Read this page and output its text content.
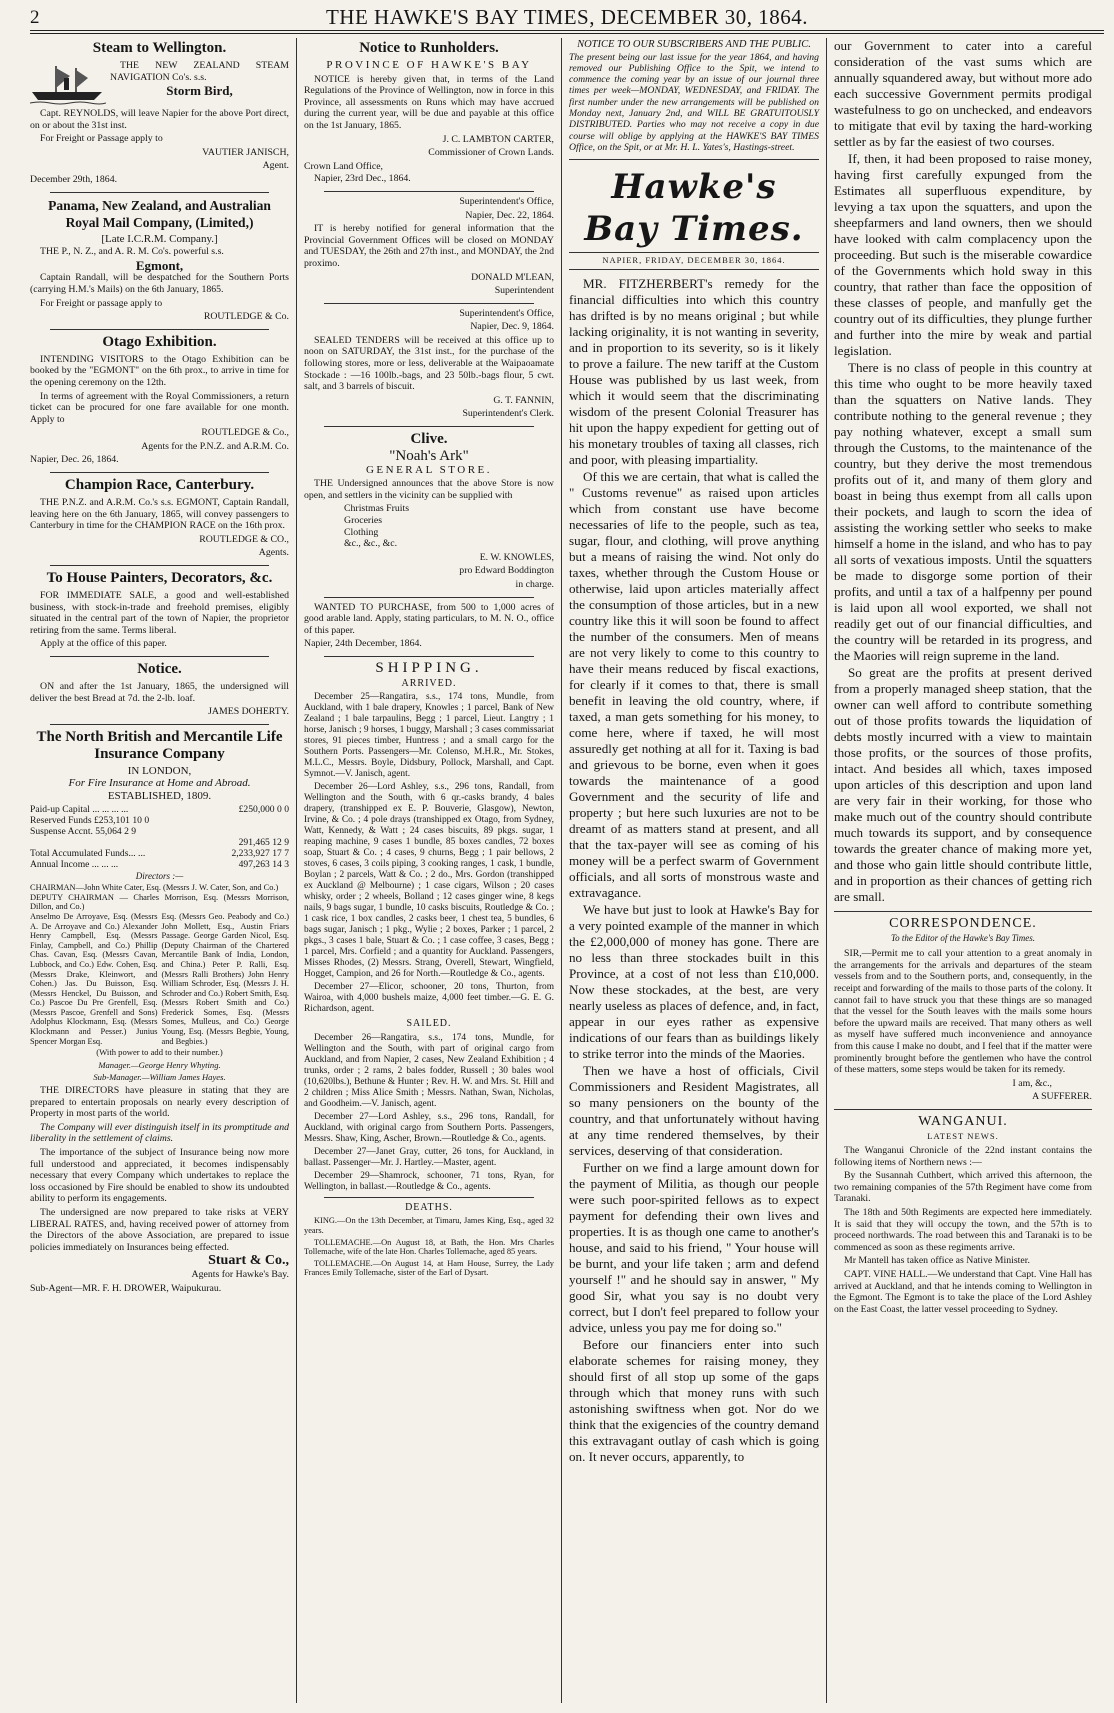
2	THE HAWKE'S BAY TIMES, DECEMBER 30, 1864.
Steam to Wellington.

THE NEW ZEALAND STEAM NAVIGATION Co's. s.s.

Storm Bird,

Capt. REYNOLDS, will leave Napier for the above Port direct, on or about the 31st inst.

For Freight or Passage apply to

VAUTIER JANISCH,
Agent.
December 29th, 1864.
Panama, New Zealand, and Australian Royal Mail Company, (Limited,)
[Late I.C.R.M. Company.]

THE P., N. Z., and A. R. M. Co's. powerful s.s.

Egmont,

Captain Randall, will be despatched for the Southern Ports (carrying H.M.'s Mails) on the 6th January, 1865.

For Freight or passage apply to

ROUTLEDGE & Co.
Otago Exhibition.

INTENDING VISITORS to the Otago Exhibition can be booked by the "EGMONT" on the 6th prox., to arrive in time for the opening ceremony on the 12th.

In terms of agreement with the Royal Commissioners, a return ticket can be procured for one fare available for one month. Apply to

ROUTLEDGE & Co.,
Agents for the P.N.Z. and A.R.M. Co.
Napier, Dec. 26, 1864.
Champion Race, Canterbury.

THE P.N.Z. and A.R.M. Co.'s s.s. EGMONT, Captain Randall, leaving here on the 6th January, 1865, will convey passengers to Canterbury in time for the CHAMPION RACE on the 16th prox.

ROUTLEDGE & CO.,
Agents.
To House Painters, Decorators, &c.

FOR IMMEDIATE SALE, a good and well-established business, with stock-in-trade and freehold premises, eligibly situated in the central part of the town of Napier, the proprietor retiring from the same. Terms liberal.

Apply at the office of this paper.

Notice.

ON and after the 1st January, 1865, the undersigned will deliver the best Bread at 7d. the 2-lb. loaf.

JAMES DOHERTY.
The North British and Mercantile Life Insurance Company
IN LONDON,
For Fire Insurance at Home and Abroad.
ESTABLISHED, 1809.
Paid-up Capital ... ... ... ...	£250,000 0 0
Reserved Funds £253,101 10 0	
Suspense Accnt. 55,064 2 9	
	291,465 12 9
Total Accumulated Funds... ...	2,233,927 17 7
Annual Income ... ... ...	497,263 14 3
Directors :—
CHAIRMAN—John White Cater, Esq. (Messrs J. W. Cater, Son, and Co.)
DEPUTY CHAIRMAN — Charles Morrison, Esq. (Messrs Morrison, Dillon, and Co.)
Anselmo De Arroyave, Esq. (Messrs A. De Arroyave and Co.) Alexander Henry Campbell, Esq. (Messrs Finlay, Campbell, and Co.) Phillip Chas. Cavan, Esq. (Messrs Cavan, Lubbock, and Co.) Edw. Cohen, Esq. (Messrs Drake, Kleinwort, and Cohen.) Jas. Du Buisson, Esq. (Messrs Henckel, Du Buisson, and Co.) Pascoe Du Pre Grenfell, Esq. (Messrs Pascoe, Grenfell and Sons) Adolphus Klockmann, Esq. (Messrs Klockmann and Pesser.) Junius Spencer Morgan Esq.
Esq. (Messrs Geo. Peabody and Co.) John Mollett, Esq., Austin Friars Passage. George Garden Nicol, Esq. (Deputy Chairman of the Chartered Mercantile Bank of India, London, and China.) Peter P. Ralli, Esq. (Messrs Ralli Brothers) John Henry William Schroder, Esq. (Messrs J. H. Schroder and Co.) Robert Smith, Esq. (Messrs Robert Smith and Co.) Frederick Somes, Esq. (Messrs Somes, Mulleus, and Co.) George Young, Esq. (Messrs Begbie, Young, and Begbies.)
(With power to add to their number.)
Manager.—George Henry Whyting.
Sub-Manager.—William James Hayes.

THE DIRECTORS have pleasure in stating that they are prepared to entertain proposals on nearly every description of Property in most parts of the world.

The Company will ever distinguish itself in its promptitude and liberality in the settlement of claims.

The importance of the subject of Insurance being now more full understood and appreciated, it becomes indispensably necessary that every Company which undertakes to replace the loss occasioned by Fire should be enabled to show its undoubted ability to perform its engagements.

The undersigned are now prepared to take risks at VERY LIBERAL RATES, and, having received power of attorney from the Directors of the above Association, are prepared to issue policies immediately on Insurances being effected.

Stuart & Co.,
Agents for Hawke's Bay.
Sub-Agent—MR. F. H. DROWER, Waipukurau.
Notice to Runholders.
PROVINCE OF HAWKE'S BAY

NOTICE is hereby given that, in terms of the Land Regulations of the Province of Wellington, now in force in this Province, all assessments on Runs which may have accrued during the current year, will be due and payable at this office on the 1st January, 1865.

J. C. LAMBTON CARTER,
Commissioner of Crown Lands.
Crown Land Office,
Napier, 23rd Dec., 1864.
Superintendent's Office,
Napier, Dec. 22, 1864.

IT is hereby notified for general information that the Provincial Government Offices will be closed on MONDAY and TUESDAY, the 26th and 27th inst., and MONDAY, the 2nd proximo.

DONALD M'LEAN,
Superintendent
Superintendent's Office,
Napier, Dec. 9, 1864.

SEALED TENDERS will be received at this office up to noon on SATURDAY, the 31st inst., for the purchase of the following stores, more or less, deliverable at the Waipaoamate Stockade : —16 100lb.-bags, and 23 50lb.-bags flour, 5 cwt. salt, and 3 barrels of biscuit.

G. T. FANNIN,
Superintendent's Clerk.
Clive.
"Noah's Ark"
GENERAL STORE.

THE Undersigned announces that the above Store is now open, and settlers in the vicinity can be supplied with

Christmas Fruits
Groceries
Clothing
&c., &c., &c.
E. W. KNOWLES,
pro Edward Boddington
in charge.

WANTED TO PURCHASE, from 500 to 1,000 acres of good arable land. Apply, stating particulars, to M. N. O., office of this paper.

Napier, 24th December, 1864.
SHIPPING.
ARRIVED.

December 25—Rangatira, s.s., 174 tons, Mundle, from Auckland, with 1 bale drapery, Knowles ; 1 parcel, Bank of New Zealand ; 1 bale tarpaulins, Begg ; 1 parcel, Lieut. Langtry ; 1 horse, Janisch ; 9 horses, 1 buggy, Marshall ; 3 cases commissariat stores, 91 pieces timber, Huntress ; and a small cargo for the Southern Ports. Passengers—Mr. Colenso, M.H.R., Mr. Stokes, M.L.C., Messrs. Boyle, Didsbury, Pollock, Marshall, and Capt. Symnot.—V. Janisch, agent.

December 26—Lord Ashley, s.s., 296 tons, Randall, from Wellington and the South, with 6 qr.-casks brandy, 4 bales drapery, (transhipped ex E. P. Bouverie, Glasgow), Newton, Irvine, & Co. ; 4 pole drays (transhipped ex Otago, from Sydney, Watt, Kennedy, & Watt ; 24 cases biscuits, 89 pkgs. sugar, 1 reaping machine, 9 cases 1 bundle, 85 boxes candles, 72 boxes soap, Stuart & Co. ; 4 cases, 9 churns, Begg ; 1 pair bellows, 2 stoves, 6 cases, 3 coils piping, 3 cooking ranges, 1 cask, 1 bundle, Boylan ; 2 parcels, Watt & Co. ; 2 do., Mrs. Gordon (transhipped ex Auckland @ Melbourne) ; 1 case cigars, Wilson ; 20 cases whisky, order ; 2 wheels, Bolland ; 12 cases ginger wine, 8 kegs nails, 9 bags sugar, 1 bundle, 10 casks biscuits, Routledge & Co. ; 1 cask rice, 1 box candles, 2 casks beer, 1 chest tea, 5 bundles, 6 bags sugar, Janisch ; 1 pkg., Wylie ; 2 boxes, Parker ; 1 parcel, 2 pkgs., 3 cases 1 bale, Stuart & Co. ; 1 case coffee, 3 cases, Begg ; 1 parcel, Mrs. Corfield ; and a quantity for Auckland. Passengers, Misses Rhodes, (2) Messrs. Strang, Overell, Stewart, Wingfield, Hogget, Campion, and 26 for North.—Routledge & Co., agents.

December 27—Elicor, schooner, 20 tons, Thurton, from Wairoa, with 4,000 bushels maize, 4,000 feet timber.—G. E. G. Richardson, agent.

SAILED.

December 26—Rangatira, s.s., 174 tons, Mundle, for Wellington and the South, with part of original cargo from Auckland, and from Napier, 2 cases, New Zealand Exhibition ; 4 trunks, order ; 2 rams, 2 bales fodder, Russell ; 30 bales wool (10,620lbs.), Bethune & Hunter ; Rev. H. W. and Mrs. St. Hill and 2 children ; Miss Alice Smith ; Messrs. Nathan, Swan, Nicholas, and Goodheim.—V. Janisch, agent.

December 27—Lord Ashley, s.s., 296 tons, Randall, for Auckland, with original cargo from Southern Ports. Passengers, Messrs. Shaw, King, Ascher, Brown.—Routledge & Co., agents.

December 27—Janet Gray, cutter, 26 tons, for Auckland, in ballast. Passenger—Mr. J. Hartley.—Master, agent.

December 29—Shamrock, schooner, 71 tons, Ryan, for Wellington, in ballast.—Routledge & Co., agents.

DEATHS.

KING.—On the 13th December, at Timaru, James King, Esq., aged 32 years.

TOLLEMACHE.—On August 18, at Bath, the Hon. Mrs Charles Tollemache, wife of the late Hon. Charles Tollemache, aged 85 years.

TOLLEMACHE.—On August 14, at Ham House, Surrey, the Lady Frances Emily Tollemache, sister of the Earl of Dysart.

NOTICE TO OUR SUBSCRIBERS AND THE PUBLIC.
The present being our last issue for the year 1864, and having removed our Publishing Office to the Spit, we intend to commence the coming year by an issue of our journal three times per week—MONDAY, WEDNESDAY, and FRIDAY. The first number under the new arrangements will be published on Monday next, January 2nd, and WILL BE GRATUITOUSLY DISTRIBUTED. Parties who may not receive a copy in due course will oblige by applying at the HAWKE'S BAY TIMES Office, on the Spit, or at Mr. H. L. Yates's, Hastings-street.
Hawke's Bay Times.
NAPIER, FRIDAY, DECEMBER 30, 1864.

MR. FITZHERBERT's remedy for the financial difficulties into which this country has drifted is by no means original ; but while lacking originality, it is not wanting in severity, and in proportion to its severity, so is it likely to prove a failure. The new tariff at the Custom House was published by us last week, from which it would seem that the discriminating wisdom of the present Colonial Treasurer has hit upon the happy expedient for getting out of his monetary troubles of taxing all classes, rich and poor, with pleasing impartiality.

Of this we are certain, that what is called the " Customs revenue" as raised upon articles which from constant use have become necessaries of life to the people, such as tea, sugar, flour, and clothing, will prove anything but a means of raising the wind. Not only do taxes, whether through the Custom House or otherwise, laid upon articles materially affect the consumption of those articles, but in a new country like this it will soon be found to affect the number of the consumers. Men of means are not very likely to come to this country to have their means reduced by fiscal exactions, for clearly if it comes to that, there is small benefit in leaving the old country, where, if taxed, a man gets something for his money, to come here, where if taxed, he will most assuredly get nothing at all for it. Taxing is bad and grievous to be borne, even when it goes towards the maintenance of a good Government and the security of life and property ; but here such luxuries are not to be dreamt of as matters stand at present, and all that the tax-payer will see as coming of his money will be a perfect swarm of Government officials, and all sorts of monstrous waste and extravagance.

We have but just to look at Hawke's Bay for a very pointed example of the manner in which the £2,000,000 of money has gone. There are no less than three stockades built in this Province, at a cost of not less than £10,000. Now these stockades, at the best, are very nearly useless as places of defence, and, in fact, appear in our eyes rather as expensive indications of our fears than as buildings likely to strike terror into the minds of the Maories.

Then we have a host of officials, Civil Commissioners and Resident Magistrates, all so many pensioners on the bounty of the country, and that unfortunately without having at any time rendered themselves, by their services, deserving of that consideration.

Further on we find a large amount down for the payment of Militia, as though our people were such poor-spirited fellows as to expect payment for defending their own lives and properties. It is as though one came to another's house, and said to his friend, " Your house will be burnt, and your life taken ; arm and defend yourself !" and he should say in answer, " My good Sir, what you say is no doubt very correct, but I don't feel prepared to follow your advice, unless you pay me for doing so."

Before our financiers enter into such elaborate schemes for raising money, they should first of all stop up some of the gaps through which that money runs with such astonishing swiftness when got. Nor do we think that the exigencies of the country demand this extravagant outlay of cash which is going on. It never occurs, apparently, to

our Government to cater into a careful consideration of the vast sums which are annually squandered away, but without more ado each successive Government permits prodigal wastefulness to go on unchecked, and endeavors to mitigate that evil by taxing the hard-working settler as by far the easiest of two courses.

If, then, it had been proposed to raise money, having first carefully expunged from the Estimates all superfluous expenditure, by levying a tax upon the squatters, and upon the sheepfarmers and land owners, then we should have looked with calm complacency upon the proceeding. But such is the miserable cowardice of the Governments which hold sway in this country, that rather than face the opposition of these classes of people, and manfully get the country out of its difficulties, they plunge further and further into the mire by weak and partial legislation.

There is no class of people in this country at this time who ought to be more heavily taxed than the squatters on Native lands. They contribute nothing to the general revenue ; they pay nothing whatever, except a small sum through the Customs, to the maintenance of the country, but they derive the most tremendous profits out of it, and many of them glory and boast in being thus exempt from all calls upon their pockets, and laugh to scorn the idea of assisting the working settler who seeks to make himself a home in the island, and who has to pay all sorts of vexatious imposts. Until the squatters be made to disgorge some portion of their profits, and until a tax of a halfpenny per pound is laid upon all wool exported, we shall not readily get out of our financial difficulties, and the country will be retarded in its progress, and the Maories will reign supreme in the land.

So great are the profits at present derived from a properly managed sheep station, that the owner can well afford to contribute something out of those profits towards the liquidation of debts mostly incurred with a view to maintain those profits, or the sources of those profits, intact. And besides all which, taxes imposed upon articles of this description and upon land are very fair in their working, for those who make much out of the country should contribute much towards its support, and by consequence towards the greater chance of making more yet, and those who gain little should contribute little, and in proportion as their chances of getting rich are small.

CORRESPONDENCE.
To the Editor of the Hawke's Bay Times.

SIR,—Permit me to call your attention to a great anomaly in the arrangements for the arrivals and departures of the steam vessels from and to the Southern ports, and, consequently, in the receipt and forwarding of the mails to those parts of the colony. It cannot fail to have struck you that these things are so managed that the vessel for the South leaves with the mails some hours before the upward mails are received. That many others as well as myself have suffered much inconvenience and annoyance from this cause I make no doubt, and I feel that if the matter were prominently brought before the gentlemen who have the control of these matters, some steps would be taken for its remedy.

I am, &c.,
A SUFFERER.
WANGANUI.
LATEST NEWS.

The Wanganui Chronicle of the 22nd instant contains the following items of Northern news :—

By the Susannah Cuthbert, which arrived this afternoon, the two remaining companies of the 57th Regiment have come from Taranaki.

The 18th and 50th Regiments are expected here immediately. It is said that they will occupy the town, and the 57th is to proceed northwards. The road between this and Taranaki is to be commenced as soon as these regiments arrive.

Mr Mantell has taken office as Native Minister.

CAPT. VINE HALL.—We understand that Capt. Vine Hall has arrived at Auckland, and that he intends coming to Wellington in the Egmont. The Egmont is to take the place of the Lord Ashley on the East Coast, the latter vessel proceeding to Sydney.
